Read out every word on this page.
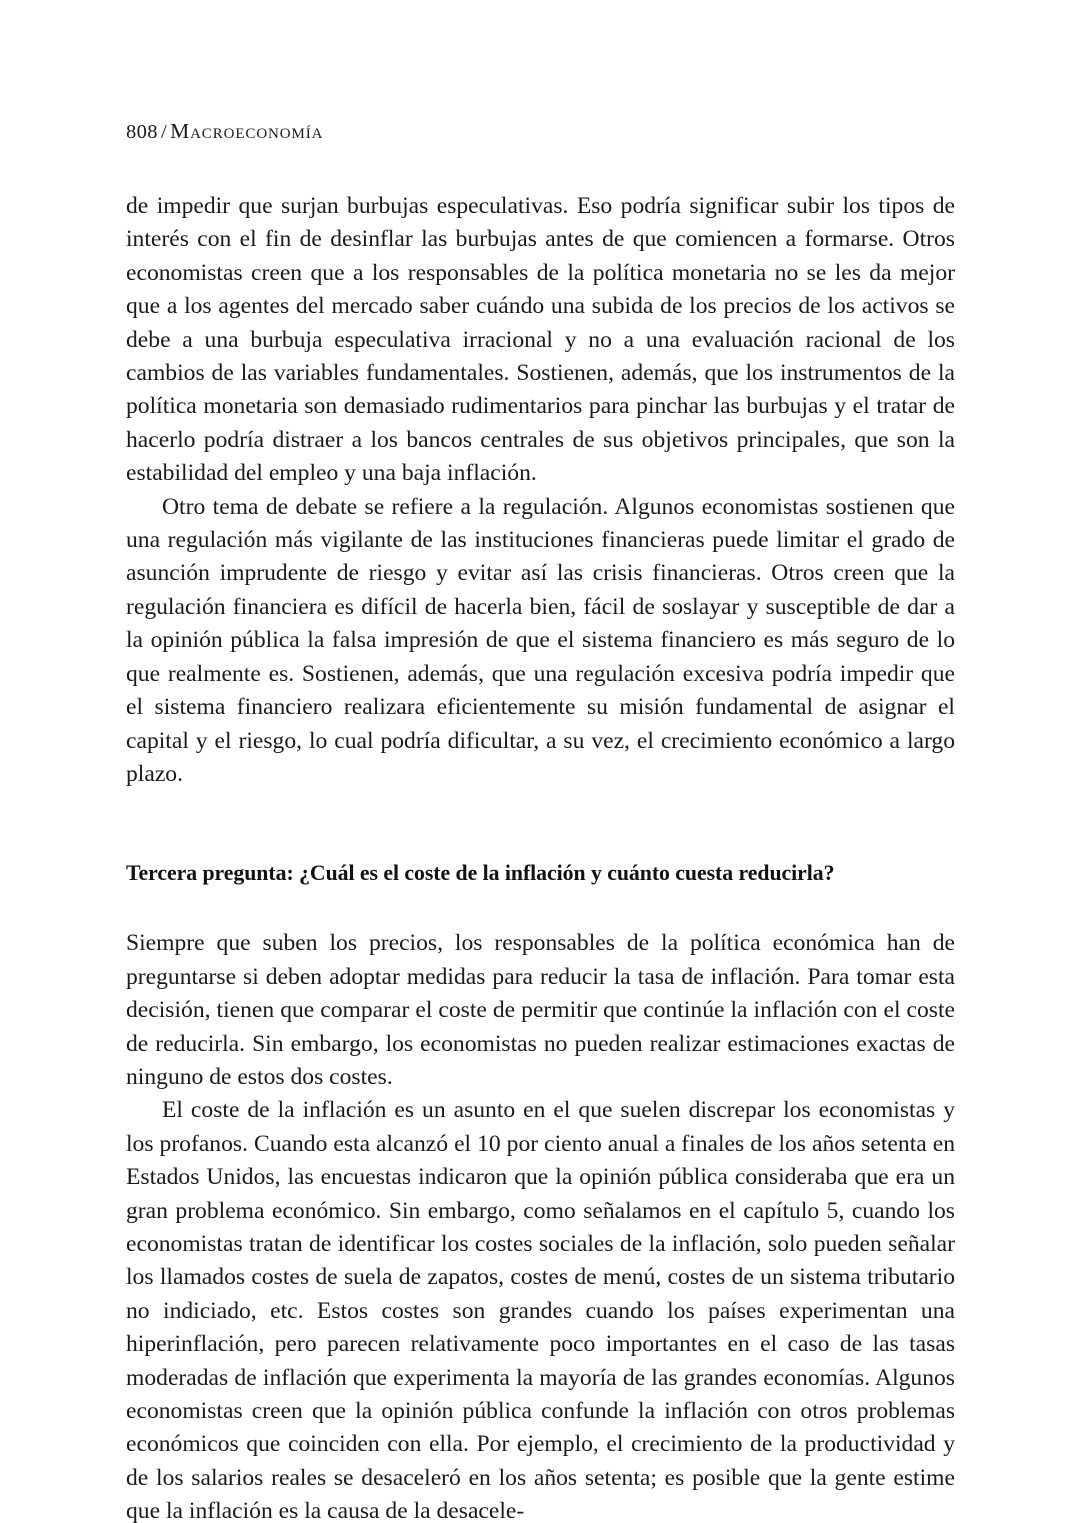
808 / Macroeconomía

de impedir que surjan burbujas especulativas. Eso podría significar subir los tipos de interés con el fin de desinflar las burbujas antes de que comiencen a formarse. Otros economistas creen que a los responsables de la política monetaria no se les da mejor que a los agentes del mercado saber cuándo una subida de los precios de los activos se debe a una burbuja especulativa irracional y no a una evaluación racional de los cambios de las variables fundamentales. Sostienen, además, que los instrumentos de la política monetaria son demasiado rudimentarios para pinchar las burbujas y el tratar de hacerlo podría distraer a los bancos centrales de sus objetivos principales, que son la estabilidad del empleo y una baja inflación.

Otro tema de debate se refiere a la regulación. Algunos economistas sostienen que una regulación más vigilante de las instituciones financieras puede limitar el grado de asunción imprudente de riesgo y evitar así las crisis financieras. Otros creen que la regulación financiera es difícil de hacerla bien, fácil de soslayar y susceptible de dar a la opinión pública la falsa impresión de que el sistema financiero es más seguro de lo que realmente es. Sostienen, además, que una regulación excesiva podría impedir que el sistema financiero realizara eficientemente su misión fundamental de asignar el capital y el riesgo, lo cual podría dificultar, a su vez, el crecimiento económico a largo plazo.

Tercera pregunta: ¿Cuál es el coste de la inflación y cuánto cuesta reducirla?

Siempre que suben los precios, los responsables de la política económica han de preguntarse si deben adoptar medidas para reducir la tasa de inflación. Para tomar esta decisión, tienen que comparar el coste de permitir que continúe la inflación con el coste de reducirla. Sin embargo, los economistas no pueden realizar estimaciones exactas de ninguno de estos dos costes.

El coste de la inflación es un asunto en el que suelen discrepar los economistas y los profanos. Cuando esta alcanzó el 10 por ciento anual a finales de los años setenta en Estados Unidos, las encuestas indicaron que la opinión pública consideraba que era un gran problema económico. Sin embargo, como señalamos en el capítulo 5, cuando los economistas tratan de identificar los costes sociales de la inflación, solo pueden señalar los llamados costes de suela de zapatos, costes de menú, costes de un sistema tributario no indiciado, etc. Estos costes son grandes cuando los países experimentan una hiperinflación, pero parecen relativamente poco importantes en el caso de las tasas moderadas de inflación que experimenta la mayoría de las grandes economías. Algunos economistas creen que la opinión pública confunde la inflación con otros problemas económicos que coinciden con ella. Por ejemplo, el crecimiento de la productividad y de los salarios reales se desaceleró en los años setenta; es posible que la gente estime que la inflación es la causa de la desacele-
